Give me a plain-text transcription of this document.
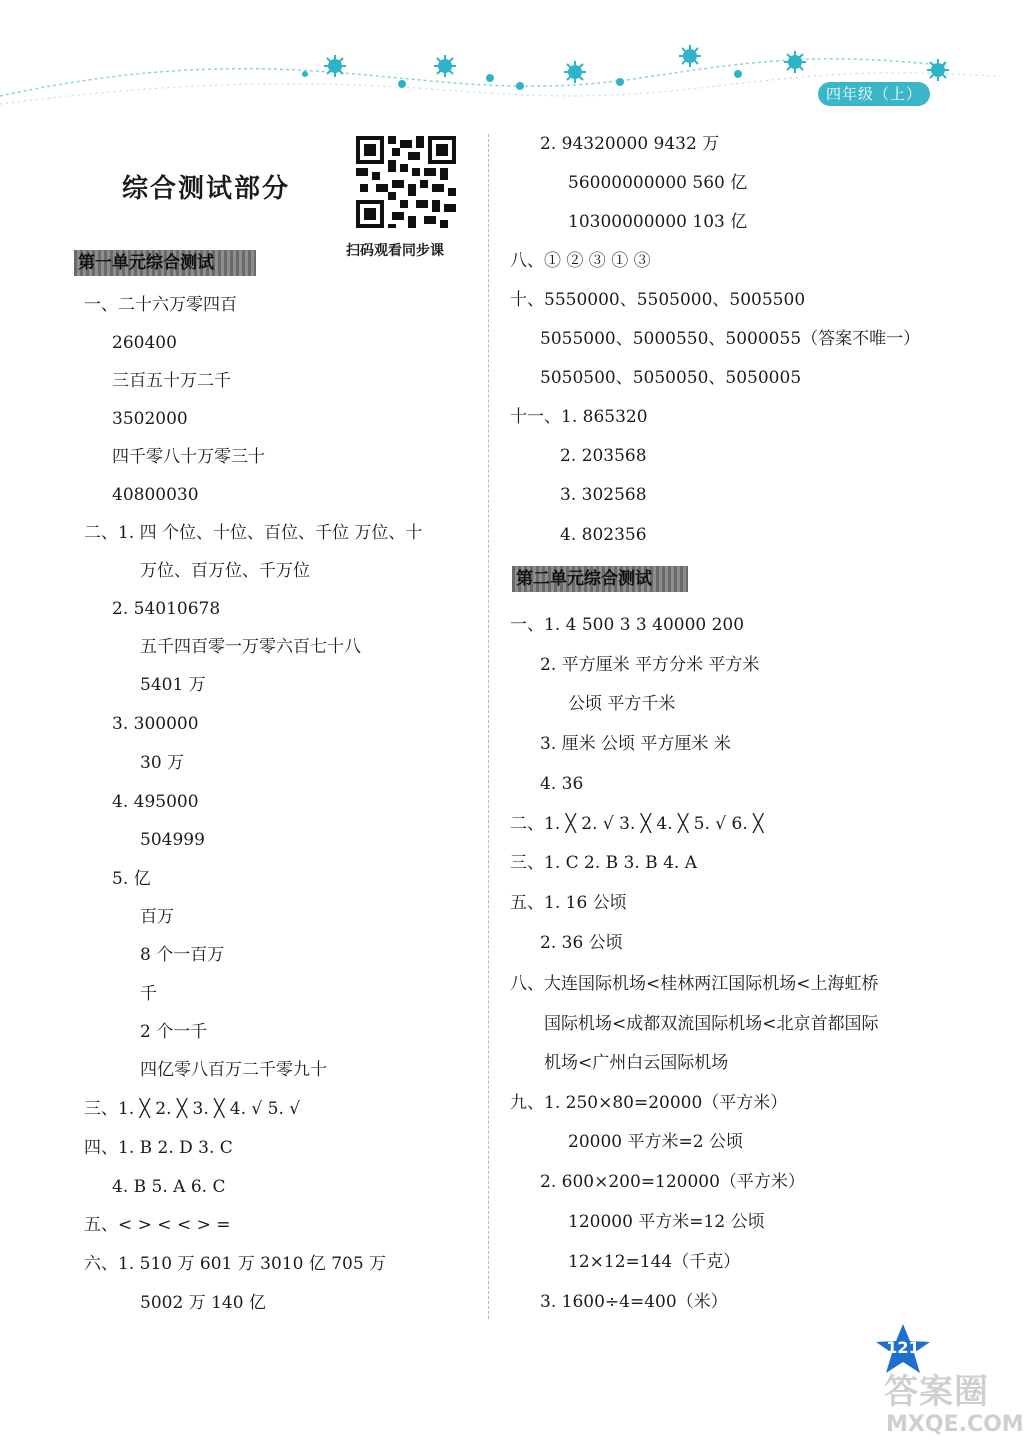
四年级（上）
综合测试部分
扫码观看同步课
第一单元综合测试
第二单元综合测试
一、二十六万零四百
260400
三百五十万二千
3502000
四千零八十万零三十
40800030
二、1. 四 个位、十位、百位、千位 万位、十
万位、百万位、千万位
2. 54010678
五千四百零一万零六百七十八
5401 万
3. 300000
30 万
4. 495000
504999
5. 亿
百万
8 个一百万
千
2 个一千
四亿零八百万二千零九十
三、1. ╳ 2. ╳ 3. ╳ 4. √ 5. √
四、1. B 2. D 3. C
4. B 5. A 6. C
五、< > < < > =
六、1. 510 万 601 万 3010 亿 705 万
5002 万 140 亿
2. 94320000 9432 万
56000000000 560 亿
10300000000 103 亿
八、① ② ③ ① ③
十、5550000、5505000、5005500
5055000、5000550、5000055（答案不唯一）
5050500、5050050、5050005
十一、1. 865320
2. 203568
3. 302568
4. 802356
一、1. 4 500 3 3 40000 200
2. 平方厘米 平方分米 平方米
公顷 平方千米
3. 厘米 公顷 平方厘米 米
4. 36
二、1. ╳ 2. √ 3. ╳ 4. ╳ 5. √ 6. ╳
三、1. C 2. B 3. B 4. A
五、1. 16 公顷
2. 36 公顷
八、大连国际机场<桂林两江国际机场<上海虹桥
国际机场<成都双流国际机场<北京首都国际
机场<广州白云国际机场
九、1. 250×80=20000（平方米）
20000 平方米=2 公顷
2. 600×200=120000（平方米）
120000 平方米=12 公顷
12×12=144（千克）
3. 1600÷4=400（米）
121
答案圈
MXQE.COM
